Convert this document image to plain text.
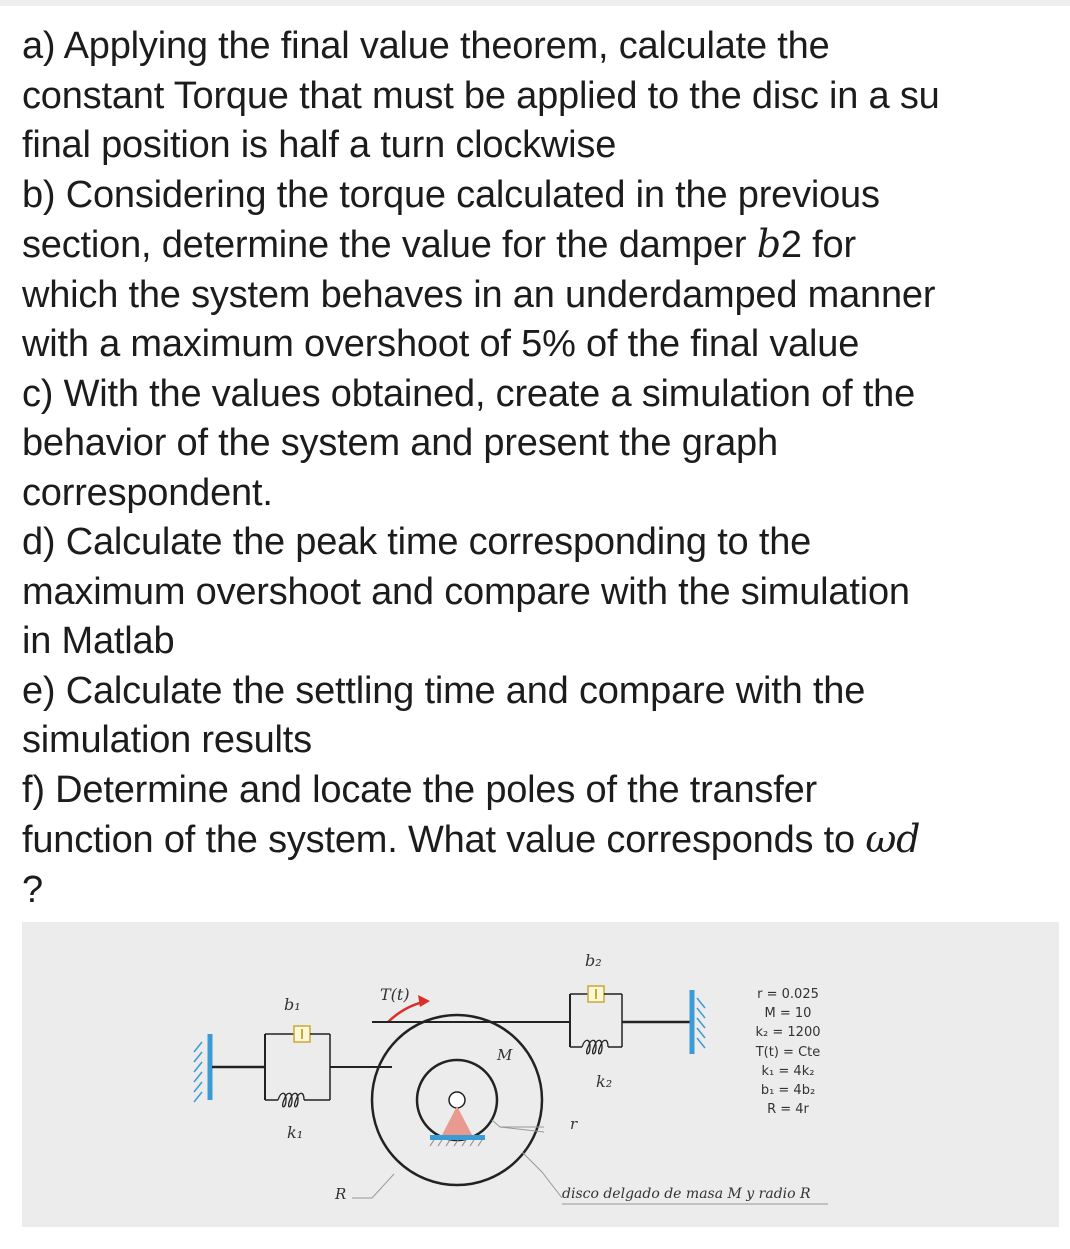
a) Applying the final value theorem, calculate the
constant Torque that must be applied to the disc in a su
final position is half a turn clockwise
b) Considering the torque calculated in the previous
section, determine the value for the damper b2 for
which the system behaves in an underdamped manner
with a maximum overshoot of 5% of the final value
c) With the values obtained, create a simulation of the
behavior of the system and present the graph
correspondent.
d) Calculate the peak time corresponding to the
maximum overshoot and compare with the simulation
in Matlab
e) Calculate the settling time and compare with the
simulation results
f) Determine and locate the poles of the transfer
function of the system. What value corresponds to ωd
?
b₁
k₁
T(t)
M
b₂
k₂
r
R	disco delgado de masa M y radio R
r = 0.025
M = 10
k₂ = 1200
T(t) = Cte
k₁ = 4k₂
b₁ = 4b₂
R = 4r
